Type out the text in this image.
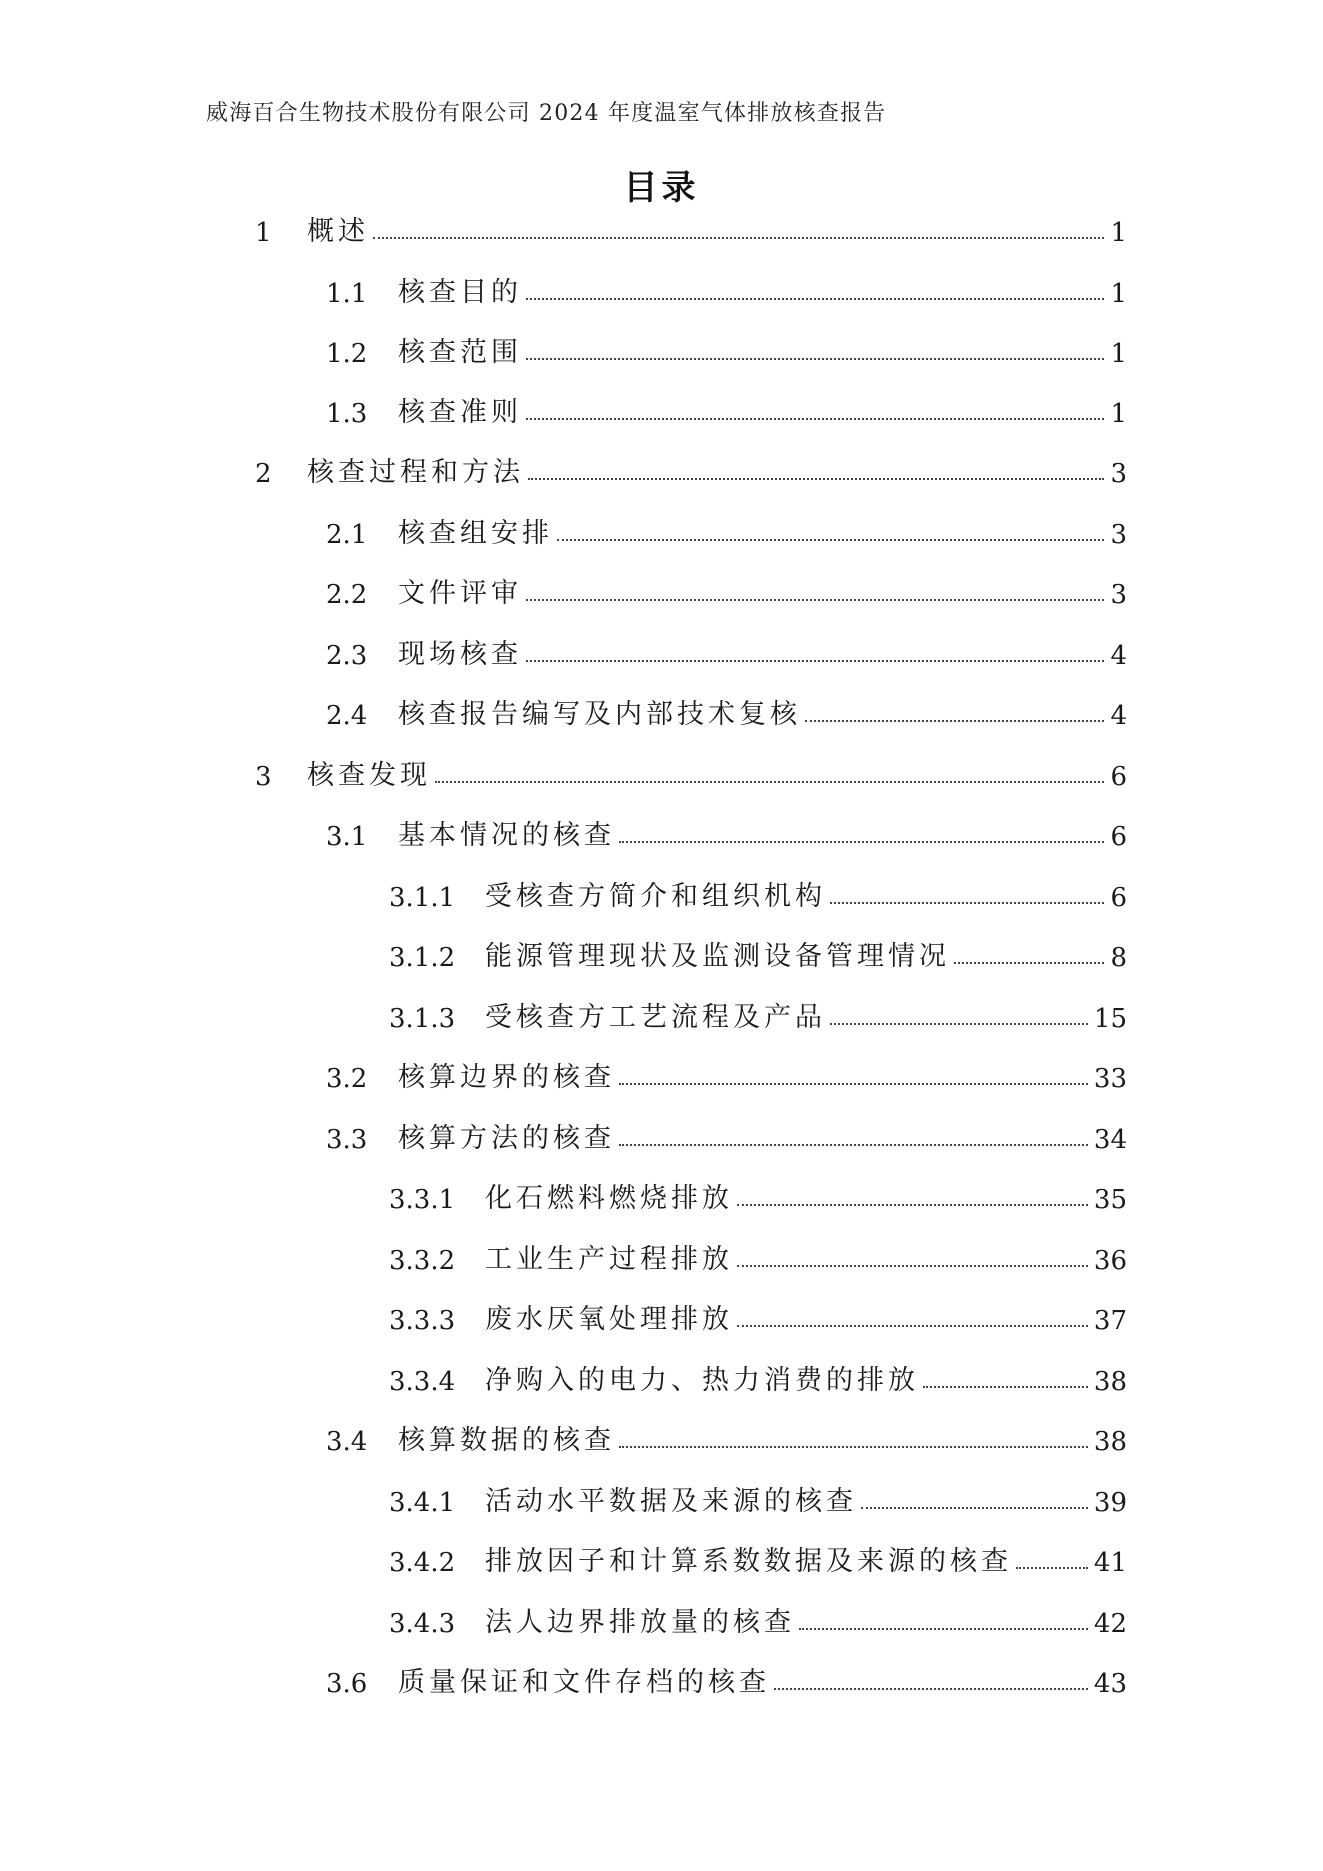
威海百合生物技术股份有限公司 2024 年度温室气体排放核查报告
目录
1	概述	1
1.1	核查目的	1
1.2	核查范围	1
1.3	核查准则	1
2	核查过程和方法	3
2.1	核查组安排	3
2.2	文件评审	3
2.3	现场核查	4
2.4	核查报告编写及内部技术复核	4
3	核查发现	6
3.1	基本情况的核查	6
3.1.1	受核查方简介和组织机构	6
3.1.2	能源管理现状及监测设备管理情况	8
3.1.3	受核查方工艺流程及产品	15
3.2	核算边界的核查	33
3.3	核算方法的核查	34
3.3.1	化石燃料燃烧排放	35
3.3.2	工业生产过程排放	36
3.3.3	废水厌氧处理排放	37
3.3.4	净购入的电力、热力消费的排放	38
3.4	核算数据的核查	38
3.4.1	活动水平数据及来源的核查	39
3.4.2	排放因子和计算系数数据及来源的核查	41
3.4.3	法人边界排放量的核查	42
3.6	质量保证和文件存档的核查	43
